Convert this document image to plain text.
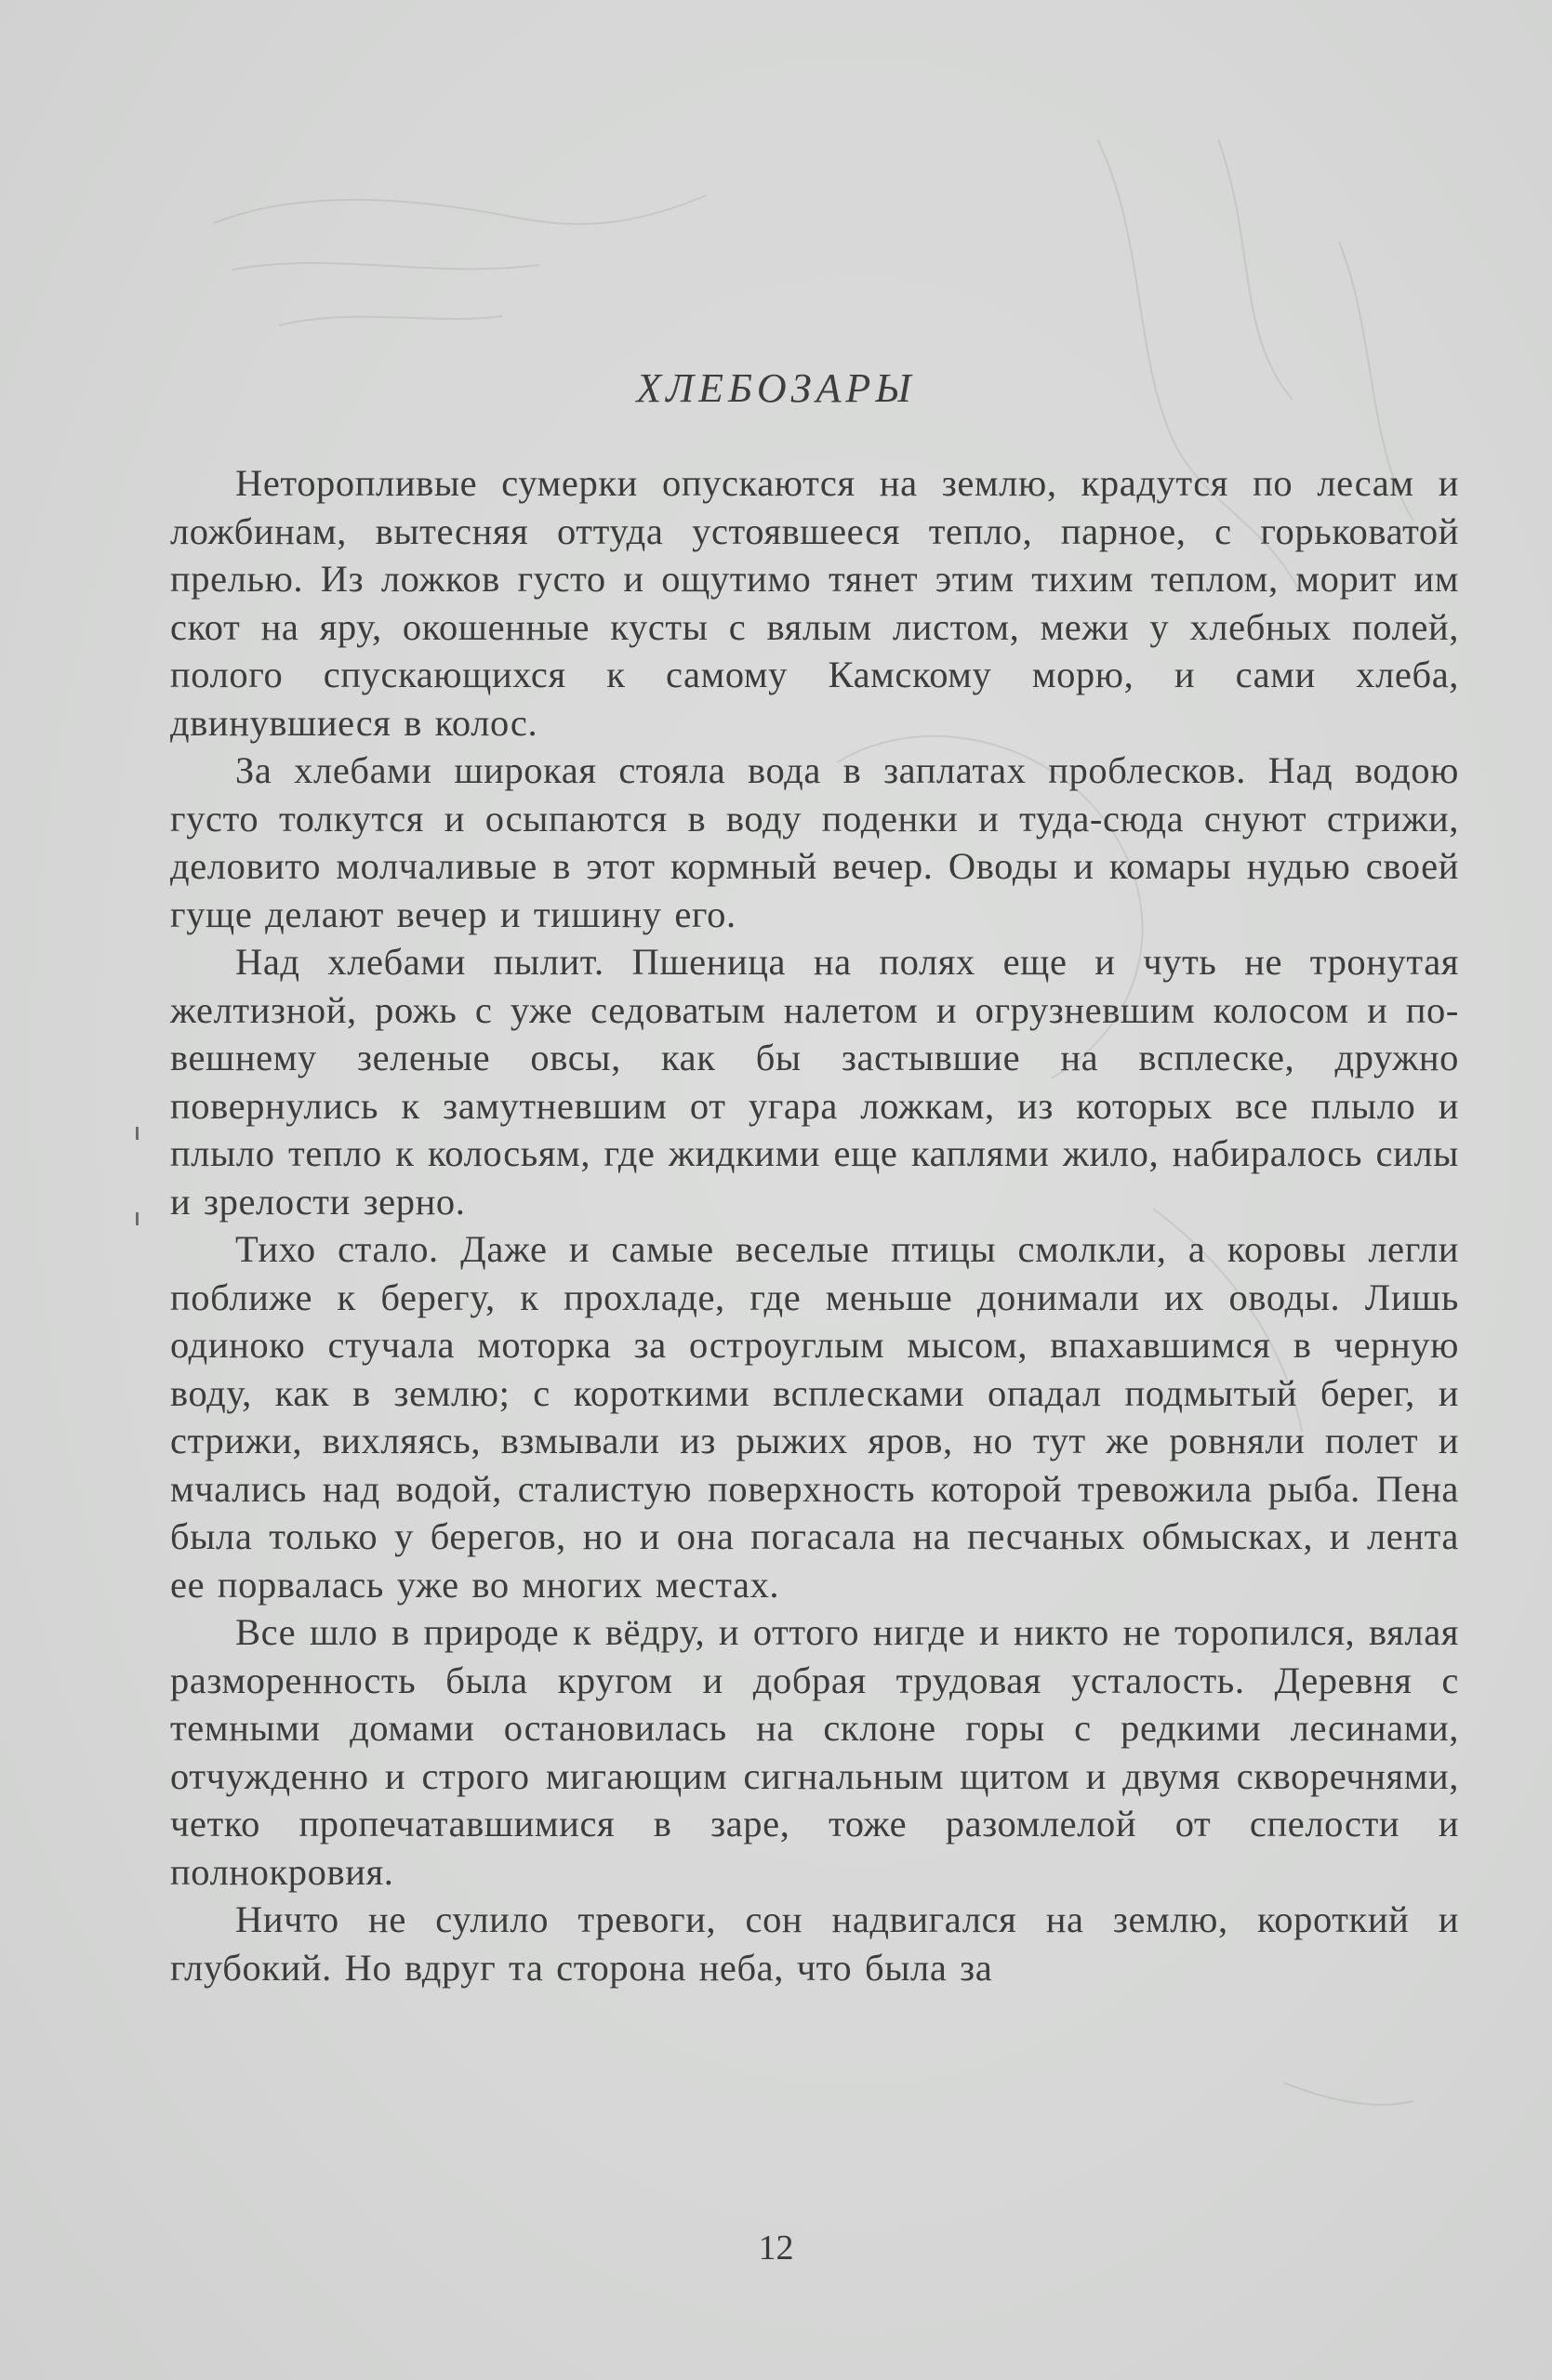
ХЛЕБОЗАРЫ

Неторопливые сумерки опускаются на землю, крадутся по лесам и ложбинам, вытесняя оттуда устоявшееся тепло, парное, с горьковатой прелью. Из ложков густо и ощутимо тянет этим тихим теплом, морит им скот на яру, окошенные кусты с вялым листом, межи у хлебных полей, полого спускающихся к самому Камскому морю, и сами хлеба, двинувшиеся в колос.

За хлебами широкая стояла вода в заплатах проблесков. Над водою густо толкутся и осыпаются в воду поденки и туда-сюда снуют стрижи, деловито молчаливые в этот кормный вечер. Оводы и комары нудью своей гуще делают вечер и тишину его.

Над хлебами пылит. Пшеница на полях еще и чуть не тронутая желтизной, рожь с уже седоватым налетом и огрузневшим колосом и по-вешнему зеленые овсы, как бы застывшие на всплеске, дружно повернулись к замутневшим от угара ложкам, из которых все плыло и плыло тепло к колосьям, где жидкими еще каплями жило, набиралось силы и зрелости зерно.

Тихо стало. Даже и самые веселые птицы смолкли, а коровы легли поближе к берегу, к прохладе, где меньше донимали их оводы. Лишь одиноко стучала моторка за остроуглым мысом, впахавшимся в черную воду, как в землю; с короткими всплесками опадал подмытый берег, и стрижи, вихляясь, взмывали из рыжих яров, но тут же ровняли полет и мчались над водой, сталистую поверхность которой тревожила рыба. Пена была только у берегов, но и она погасала на песчаных обмысках, и лента ее порвалась уже во многих местах.

Все шло в природе к вёдру, и оттого нигде и никто не торопился, вялая разморенность была кругом и добрая трудовая усталость. Деревня с темными домами остановилась на склоне горы с редкими лесинами, отчужденно и строго мигающим сигнальным щитом и двумя скворечнями, четко пропечатавшимися в заре, тоже разомлелой от спелости и полнокровия.

Ничто не сулило тревоги, сон надвигался на землю, короткий и глубокий. Но вдруг та сторона неба, что была за

12
